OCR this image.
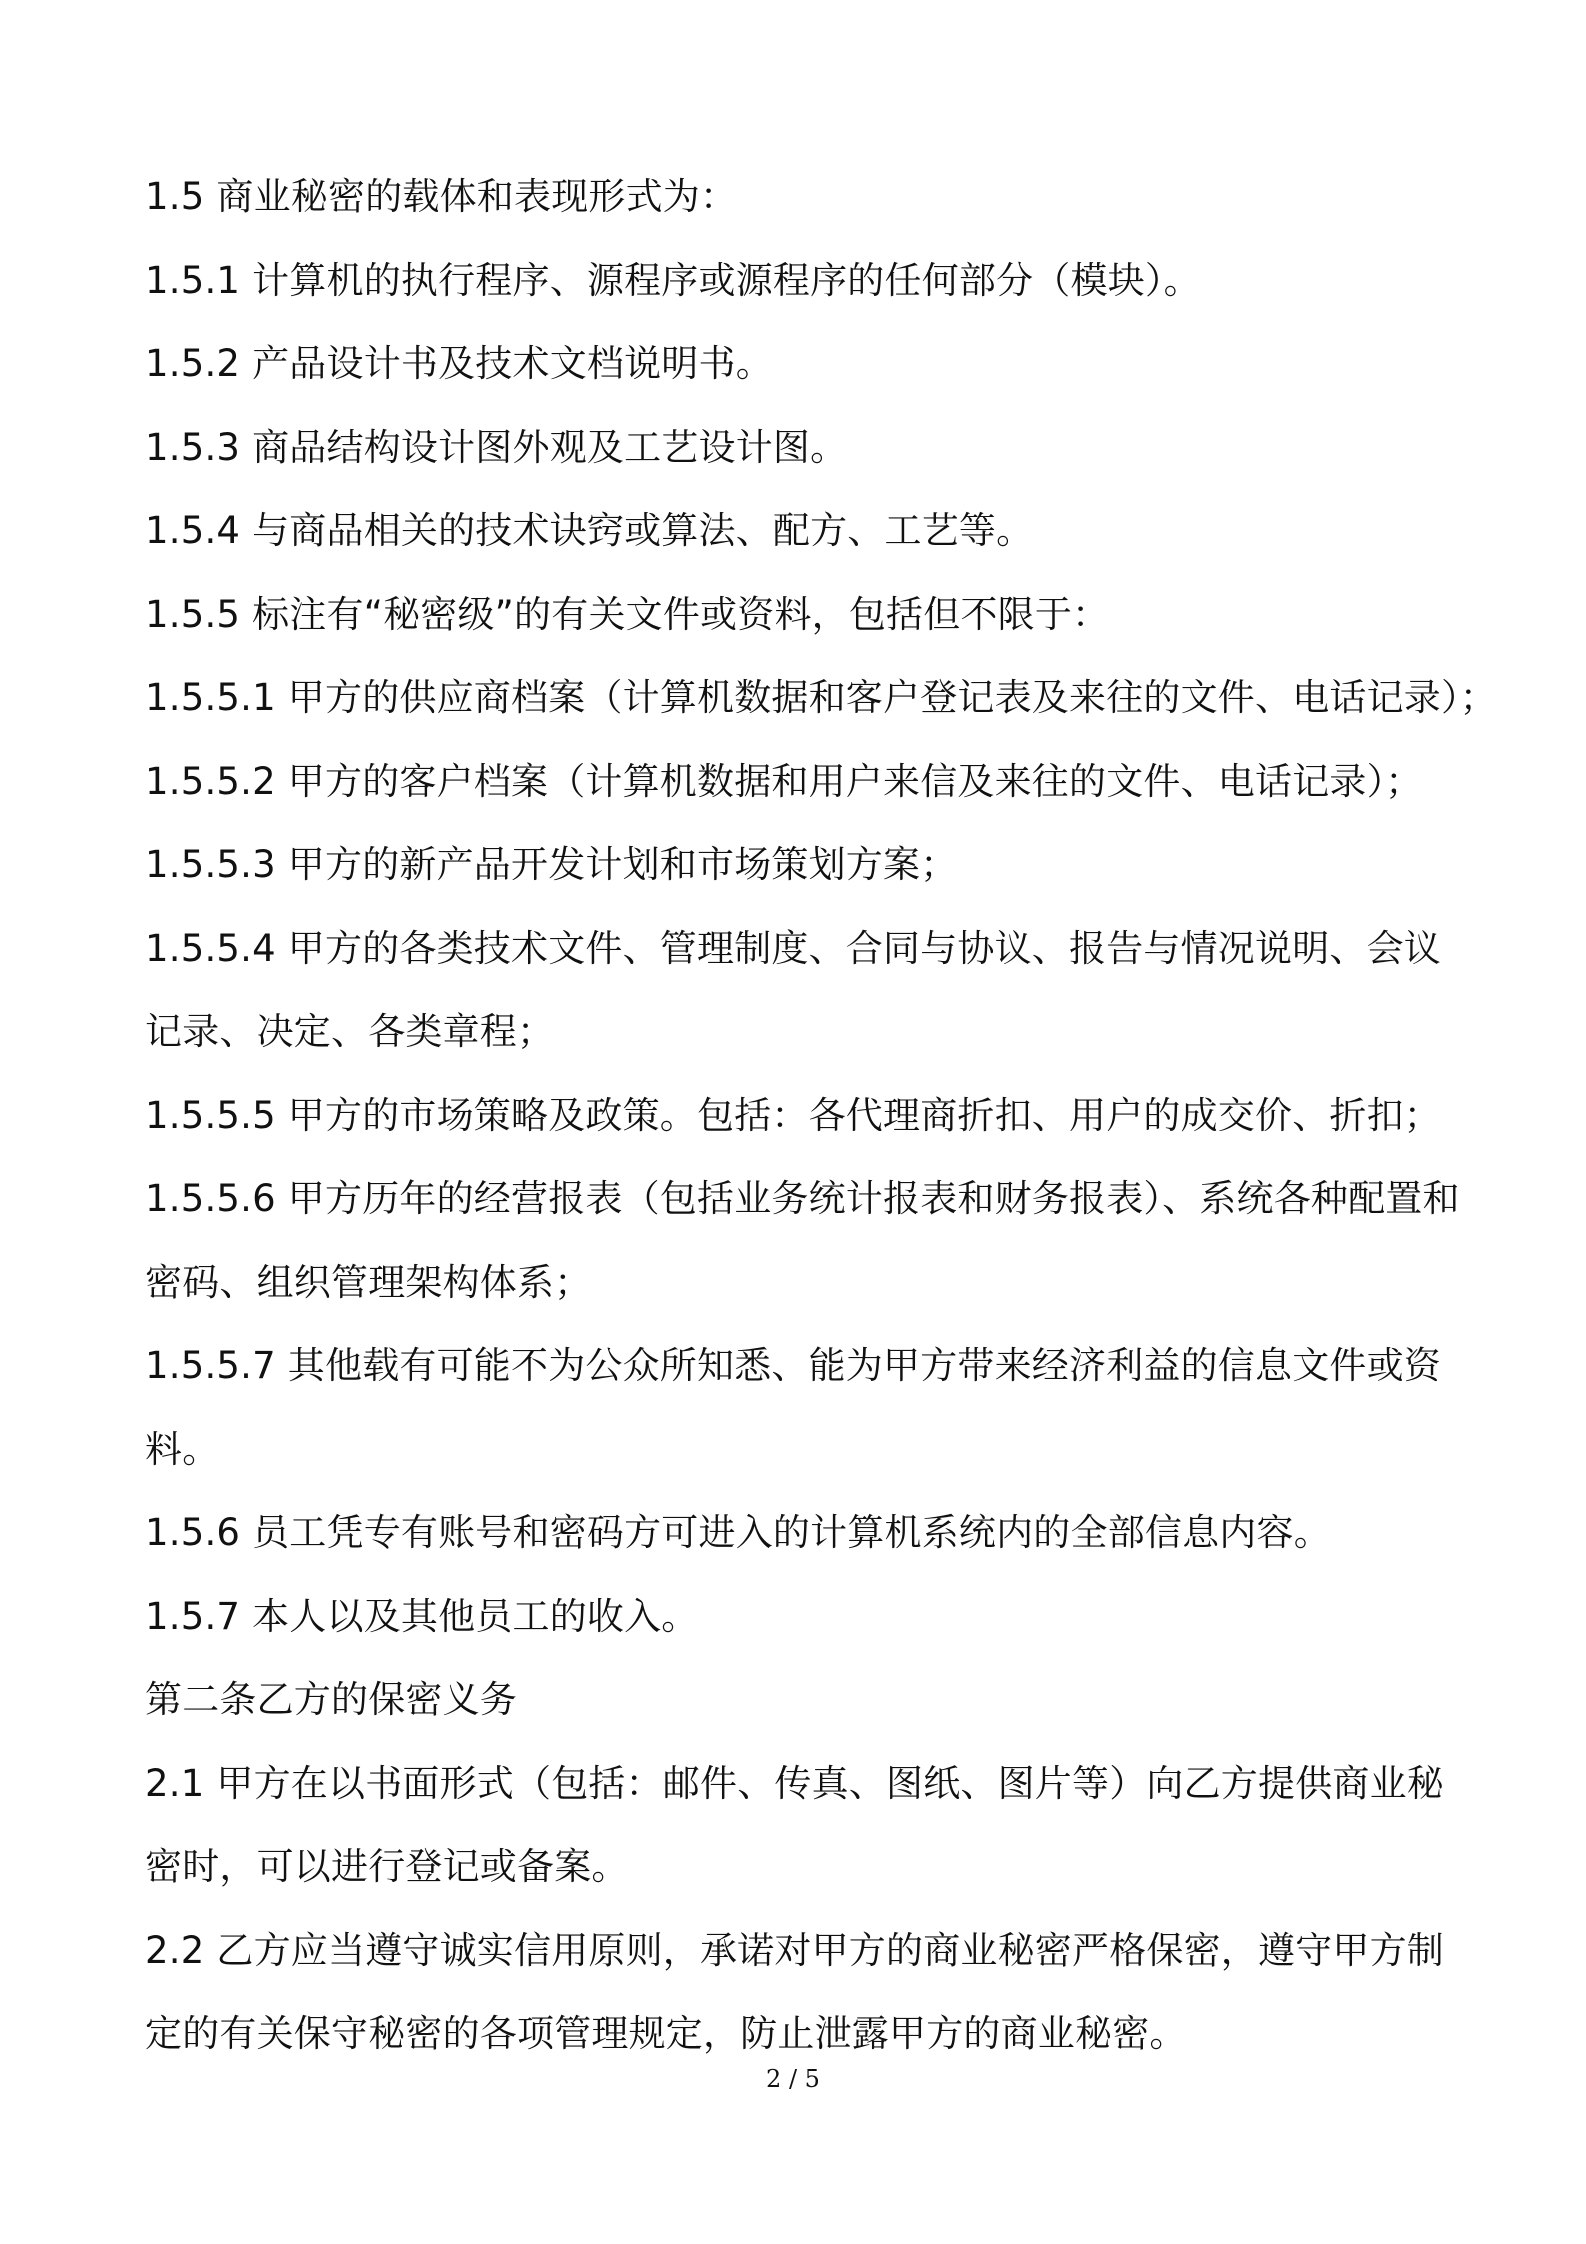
1.5 商业秘密的载体和表现形式为：
1.5.1 计算机的执行程序、源程序或源程序的任何部分（模块）。
1.5.2 产品设计书及技术文档说明书。
1.5.3 商品结构设计图外观及工艺设计图。
1.5.4 与商品相关的技术诀窍或算法、配方、工艺等。
1.5.5 标注有“秘密级”的有关文件或资料，包括但不限于：
1.5.5.1 甲方的供应商档案（计算机数据和客户登记表及来往的文件、电话记录）；
1.5.5.2 甲方的客户档案（计算机数据和用户来信及来往的文件、电话记录）；
1.5.5.3 甲方的新产品开发计划和市场策划方案；
1.5.5.4 甲方的各类技术文件、管理制度、合同与协议、报告与情况说明、会议
记录、决定、各类章程；
1.5.5.5 甲方的市场策略及政策。包括：各代理商折扣、用户的成交价、折扣；
1.5.5.6 甲方历年的经营报表（包括业务统计报表和财务报表）、系统各种配置和
密码、组织管理架构体系；
1.5.5.7 其他载有可能不为公众所知悉、能为甲方带来经济利益的信息文件或资
料。
1.5.6 员工凭专有账号和密码方可进入的计算机系统内的全部信息内容。
1.5.7 本人以及其他员工的收入。
第二条乙方的保密义务
2.1 甲方在以书面形式（包括：邮件、传真、图纸、图片等）向乙方提供商业秘
密时，可以进行登记或备案。
2.2 乙方应当遵守诚实信用原则，承诺对甲方的商业秘密严格保密，遵守甲方制
定的有关保守秘密的各项管理规定，防止泄露甲方的商业秘密。
2 / 5
